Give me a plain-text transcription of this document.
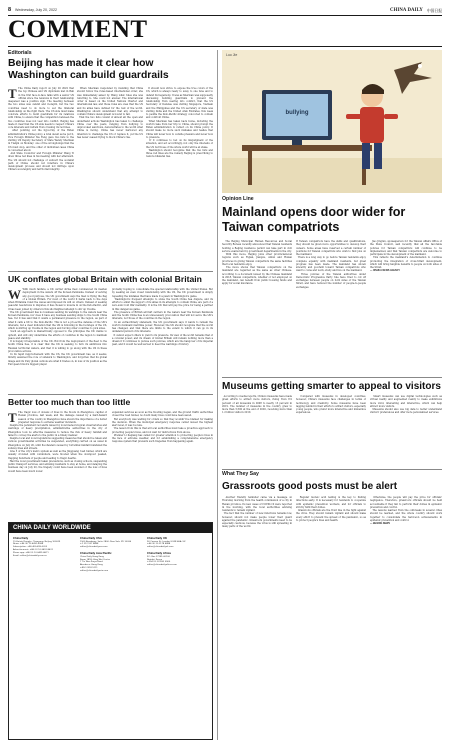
8 Wednesday, July 20, 2022	CHINA DAILY 中国日报
COMMENT
Editorials
Beijing has made it clear how Washington can build guardrails
T The China Daily report on July 20 2022 that the top Chinese and US diplomats met in Bali in the first face-to-face talks with a senior US official since the tensions in their relationship deepened was a positive sign. The meeting between the two sides was candid and in-depth, but the two countries need to do more to set the bilateral relationship on the right track. The US side must make concrete efforts to build guardrails for its relations with China, to ensure that the competition between the two countries does not veer into conflict. Beijing has made it clear that the US side needs to respect China's core interests and refrain from crossing its red lines.
After pointing out the hypocrisy of the Biden administration's China policy, a total deceit as he put it, Vice Foreign Minister Xie Feng gave two lists to the visiting US Deputy Secretary of State Wendy Sherman in Tianjin on Monday: one of the wrongdoings that the US must stop, and the other of individual cases China is concerned about.
And State Councilor and Foreign Minister Wang Yi drew three red lines in his meeting with her afterward. The US should not challenge or subvert the socialist path of China; should not interfere in China's development process; and should not infringe upon China's sovereignty and territorial integrity.
When Sherman responded by insisting that China should follow the rules-based international order, she was immediately asked by Wang what rules she was referring to. She could not answer. The international order is based on the United Nations Charter and international law, and those rules are ones that the US and its allies have defined for the rest of the world. Washington should understand that any attempt to contain China's development is bound to fail.
That the two lists consist of almost all the open and underhand actions Washington has taken to challenge China over the years, ranging from bullying to unprovoked sanctions, demonstrates to the world what China is facing. China has never harbored any intention to challenge the US or replace it, yet the US has never ceased trying to block China's rise.
It should now strive to expose the true colors of the US, which is always ready to sway to one tune and to defend its hegemony. It was as Sherman was supposedly discussing building guardrails to prevent the relationship from veering into conflict, that the US Secretary of Defense was visiting Singapore, Vietnam and the Philippines and the US secretary of state was visiting India and the United Arab Emirates, this week to peddle the Indo-Pacific strategy concocted to contain and confront China.
What Sherman has taken back home, including the world's take from her trip to China, should prompt the Biden administration to reflect on its China policy. It should make no more such mistakes and realize that China will never bow to outside pressure and never bow to pressure.
If it continues to bet on its misjudgment of the situation, and act accordingly, not only the interests of the US but those of the whole world will be at stake.
Washington should recognize that the two lists and three red lines are the remedy Beijing is prescribing to restore bilateral ties.
UK conflates global Britain with colonial Britain
W With much fanfare, a UK carrier strike fleet commenced its maiden deployment in the waters off the Korean Peninsula. Instead of serving any good purpose, the UK government says the fleet is flying the flag of a Global Britain. For most of the world it harks back to the days when Britannia ruled the waves and imposed its will on others. Instead of seeking peaceful resolutions to disputes, it has chosen to muscle in on the Indo-Pacific, and it has been joined by others in this shortsighted attempt to stir up trouble.
The UK government has no business sending its warships to the waters near the Korean Peninsula, nor does it have any business sending ships to the South China Sea. Yet it has said that it wants a permanent presence in the region, as part of what it calls a tilt to the Indo-Pacific. This is not a pro-active defense of the UK's interests, but a clear indication that the UK is following in the footsteps of the US, which is stirring up trouble in the region and forcing other countries to pick sides.
Such an approach is diametrically opposed to the principles the UK claims to uphold, and will only undermine the efforts of countries in the region to maintain peace and stability.
It is hugely irresponsible of the UK. But from the deployment of the fleet to the South China Sea, it is clear that the UK is seeking to turn its ambitions into Russian territorial waters, and that it is willing to go along with the US in these provocative actions.
In its rapid rapprochement with the US, the UK government has, as it seems, blindly assumed the role of sidekick to Washington, and forgotten that its global image and its truly global outlook are what it trades on, in loss of its position as the European Union's biggest player.
probably hoping to consolidate the special relationship with the United States. But by seeking an even closer relationship with the US, the UK government is simply repeating the mistakes that have made it a pawn in Washington's game.
Washington's frequent attempts to stoke the South China Sea dispute, and its efforts to enlist the support of its allies in its attempts to contain China, are part of a zero-sum Cold War mentality. It is the UK that will pay the price for being a partner in this dangerous game.
The presence of British aircraft carriers in the waters near the Korean Peninsula and the South China Sea is an unnecessary provocation that will not serve the UK's interests, nor those of the countries in the region.
In an extraordinary statement, the UK government says it wants to remain the world's dominant maritime power. However, the UK should recognize that the world has changed, and that there are limits to the extent to which it can go in its unilateral pursuit of its interests.
It cannot expect others to yield to its pressure. Its view of the world remains that of a colonial power, and its dream of Global Britain will remain nothing more than a dream if it continues to pursue such policies, which are the hangover of its imperial past, and it would be well served to heed the warnings of history.
Better too much than too little
T The tragic loss of dozens of lives in the floods in Zhengzhou, capital of Henan province, last week, and the damage caused by a hard-hazard season of the county in Zhengzhou have shown the importance of a better prepared response to extreme weather incidents.
Despite the persistent red alerts issued by local meteorological observatories and warnings of heavy precipitation, administrative authorities in the city of Zhengzhou took no effective measures to reduce the risk of heavy rainfall and failed to convey the alerts to the public in a timely manner.
Despite local and local regulations suggesting measures that should be taken and various governmental activities be suspended, everything carried on as usual in Zhengzhou on July 20, until floodwaters caused by torrential rainfall inundated the subway lines and streets.
Line 5 of the city's metro system as well as the Jingguang road tunnel, which are usually crowded with commuters, were flooded when the downpour peaked, trapping hundreds of people and leading to tragic deaths.
Had the local government taken precautions, such as closing schools, suspending public transport services, and advising residents to stay at home, and delaying the business day on July 20, the tragedy could have been avoided or the loss of lives would have been much lower.
expanded services as soon as the flooding began, and the ground traffic authorities closed the road tunnel, no doubt many lives could have been saved.
But everybody was waiting for orders so that they wouldn't be blamed for making the decision. When the municipal emergency response center issued the highest alert level, it was too late.
The lesson from this is that all local authorities must take a proactive approach to protecting people's lives, and not wait for instructions from above.
Premier Li Keqiang has called for greater attention to protecting people's lives in the face of extreme weather, and for establishing a comprehensive emergency response system that prevents such tragedies from happening again.
CHINA DAILY WORLDWIDE
China Daily
15 Huixin Dongjie, Chaoyang, Beijing 100029
News: +86 (0) 10 6491-8366
Subscription: +86 400-699-0203
Advertisement: +86 (0) 10 6491-8631
Phone app: +86 (0) 10 6491-8671
Email: editor@chinadaily.com.cn
China Daily USA
1500 Broadway, Suite 2800, New York, NY 10036
+1 212 537 8888
editor@chinadailyusa.com
China Daily Asia Pacific
China Daily Hong Kong
Room 1818, Hing Wai Centre
7 Tin Wan Praya Road
Aberdeen, Hong Kong
+852 2518 5111
editor@chinadailyasia.com
China Daily UK
90 Cannon St, London EC4N 6HA, UK
+44 (0) 20 3178 6888
editor@chinadailyuk.com
China Daily Africa
P.O. Box 27281-00100
Nairobi, Kenya
+254 (0) 20 692 0900
editor@chinadailyafrica.com
bullying
Luo Jie
Opinion Line
Mainland opens door wider for Taiwan compatriots
The Beijing Municipal Human Resources and Social Security Bureau recently announced that Taiwan residents holding a Beijing residence permit can take part in civil service exams held by government departments in the city.
With this move, Beijing joins other provincial-level regions such as Fujian, Jiangsu, Anhui and Hunan provinces in giving Taiwan compatriots the same facilities that local residents enjoy.
The move shows that Taiwan compatriots on the mainland are regarded as the same as other Chinese. According to a document issued by the Chinese mainland in 2018, Taiwan compatriots, whether or not employed on the mainland, can benefit from public housing funds and apply for social insurance.
If Taiwan compatriots have the skills and qualifications, they should be given more opportunities to develop their careers. Some areas have reserved a certain number of positions for Taiwan compatriots who wish to find jobs on the mainland.
There is a long way to go before Taiwan residents enjoy complete equality with mainland residents, but great progress has been made. The mainland has shown sincerity and goodwill toward Taiwan compatriots who want to come and work, study and live on the mainland.
Three policies of the Taiwan authorities under Democratic Progressive Party rule have tried to cut off exchanges between people on both sides of the Taiwan Strait, and have reduced the number of people-to-people exchanges.
Jiao Jinglun, spokesperson for the Taiwan Affairs Office of the State Council, said recently that all the favorable policies for Taiwan compatriots will continue to be implemented, and that Taiwan compatriots are welcome to participate in the development of the mainland.
This reflects the mainland's determination to continue promoting the integration of cross-Strait development, which will bring tangible benefits to people on both sides of the Strait.
— XINHUA NEWS AGENCY
Museums getting smarter to appeal to visitors
According to media reports, China's museums have made great efforts to attract more visitors, rising from 8.9 percent of all museums in 2008 to nearly 13 percent in 2019. The number of museums in the country grew to more than 5,500 at the end of 2020, receiving more than 1.2 billion visits in 2019.
Compared with museums in developed countries, however, China's museums face challenges in terms of technology and creativity. Some museums have been lagging behind in their efforts to attract visitors, especially young people, who prefer more interactive and immersive experiences.
Smart museums can use digital technologies such as virtual reality and augmented reality to make exhibitions more vivid, interesting and interactive, which can help attract more visitors.
Museums should also use big data to better understand visitors' preferences and offer more personalized services.
What They Say
Grassroots good posts must be alert
Another friendly reminder came via a message on Thursday morning from the health commission of a city in Henan province. Its new cases of COVID-19 were reported in the morning, with the local authorities advising residents to remain vigilant.
The fact that the number of new infections remains low, however, should not make people lower their guard against the pandemic. Grassroots governments need to be especially cautious, because the virus is still spreading in many parts of the world.
Regular nucleic acid testing is the key to finding infections early. It is necessary for residents to cooperate with epidemic prevention workers, and for officials to strictly fulfil their duties.
Grassroots officials are the front line in the fight against the virus. They should remain vigilant and should make every effort to prevent the spread of the pandemic, so as to protect people's lives and health.
Otherwise, the people will pay the price for officials' negligence. Therefore, grassroots officials should be held accountable if they fail to perform their duties in epidemic prevention and control.
The lessons learned from the outbreaks in several cities should be learned, and the whole country should work together to consolidate the hard-won achievements in epidemic prevention and control.
— BEIJING NEWS
